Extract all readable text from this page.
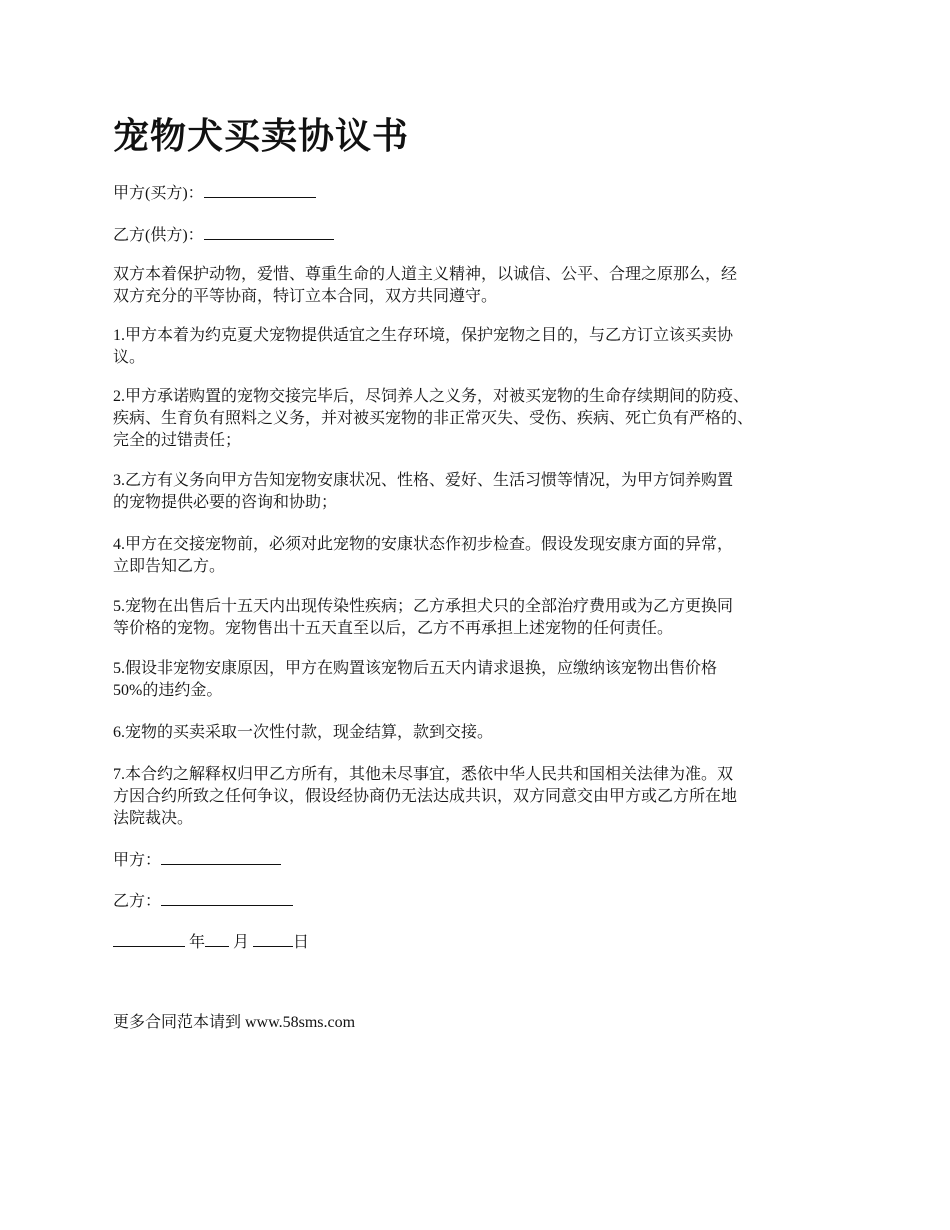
宠物犬买卖协议书

甲方(买方)：

乙方(供方)：

双方本着保护动物，爱惜、尊重生命的人道主义精神，以诚信、公平、合理之原那么，经

双方充分的平等协商，特订立本合同，双方共同遵守。

1.甲方本着为约克夏犬宠物提供适宜之生存环境，保护宠物之目的，与乙方订立该买卖协

议。

2.甲方承诺购置的宠物交接完毕后，尽饲养人之义务，对被买宠物的生命存续期间的防疫、

疾病、生育负有照料之义务，并对被买宠物的非正常灭失、受伤、疾病、死亡负有严格的、

完全的过错责任；

3.乙方有义务向甲方告知宠物安康状况、性格、爱好、生活习惯等情况，为甲方饲养购置

的宠物提供必要的咨询和协助；

4.甲方在交接宠物前，必须对此宠物的安康状态作初步检查。假设发现安康方面的异常，

立即告知乙方。

5.宠物在出售后十五天内出现传染性疾病；乙方承担犬只的全部治疗费用或为乙方更换同

等价格的宠物。宠物售出十五天直至以后，乙方不再承担上述宠物的任何责任。

5.假设非宠物安康原因，甲方在购置该宠物后五天内请求退换，应缴纳该宠物出售价格

50%的违约金。

6.宠物的买卖采取一次性付款，现金结算，款到交接。

7.本合约之解释权归甲乙方所有，其他未尽事宜，悉依中华人民共和国相关法律为准。双

方因合约所致之任何争议，假设经协商仍无法达成共识，双方同意交由甲方或乙方所在地

法院裁决。

甲方：

乙方：

年 月	日

更多合同范本请到 www.58sms.com
